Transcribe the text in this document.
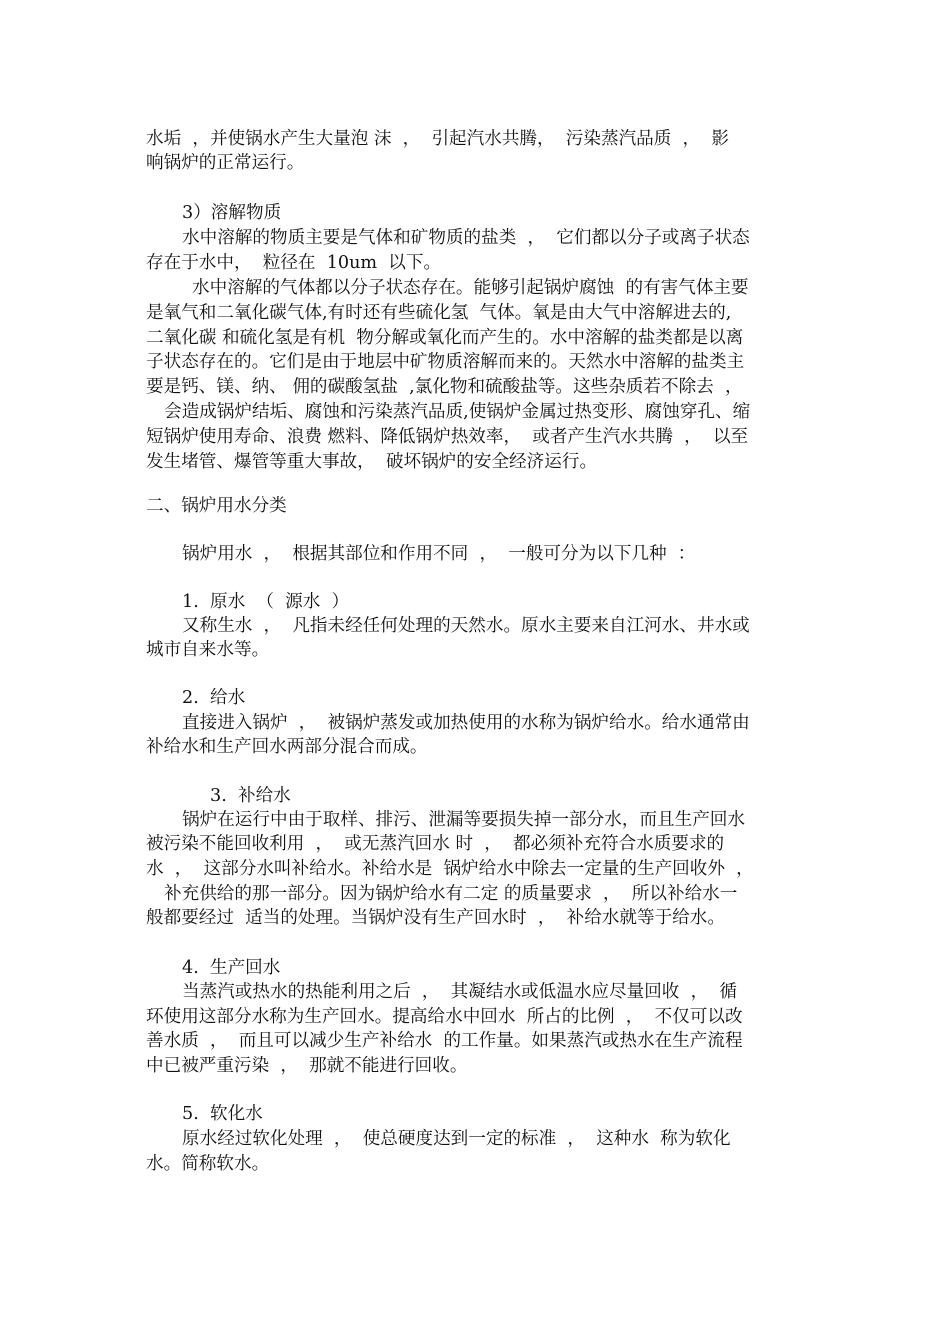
水垢  ，并使锅水产生大量泡 沫  ，  引起汽水共腾，  污染蒸汽品质  ，  影

响锅炉的正常运行。

3）溶解物质

水中溶解的物质主要是气体和矿物质的盐类  ，  它们都以分子或离子状态

存在于水中，  粒径在  10um  以下。

水中溶解的气体都以分子状态存在。能够引起锅炉腐蚀  的有害气体主要

是氧气和二氧化碳气体,有时还有些硫化氢  气体。氧是由大气中溶解进去的,

二氧化碳 和硫化氢是有机  物分解或氧化而产生的。水中溶解的盐类都是以离

子状态存在的。它们是由于地层中矿物质溶解而来的。天然水中溶解的盐类主

要是钙、镁、纳、 佣的碳酸氢盐  ,氯化物和硫酸盐等。这些杂质若不除去  ，

会造成锅炉结垢、腐蚀和污染蒸汽品质,使锅炉金属过热变形、腐蚀穿孔、缩

短锅炉使用寿命、浪费 燃料、降低锅炉热效率，  或者产生汽水共腾  ，  以至

发生堵管、爆管等重大事故，  破坏锅炉的安全经济运行。

二、锅炉用水分类

锅炉用水  ，  根据其部位和作用不同  ，  一般可分为以下几种  ：

1.  原水  （  源水  ）

又称生水  ，  凡指未经任何处理的天然水。原水主要来自江河水、井水或

城市自来水等。

2.  给水

直接进入锅炉  ，  被锅炉蒸发或加热使用的水称为锅炉给水。给水通常由

补给水和生产回水两部分混合而成。

3.  补给水

锅炉在运行中由于取样、排污、泄漏等要损失掉一部分水，而且生产回水

被污染不能回收利用  ，  或无蒸汽回水 时  ，  都必须补充符合水质要求的

水  ，  这部分水叫补给水。补给水是  锅炉给水中除去一定量的生产回收外  ，

补充供给的那一部分。因为锅炉给水有二定 的质量要求  ，  所以补给水一

般都要经过  适当的处理。当锅炉没有生产回水时  ，  补给水就等于给水。

4.  生产回水

当蒸汽或热水的热能利用之后  ，  其凝结水或低温水应尽量回收  ，  循

环使用这部分水称为生产回水。提高给水中回水  所占的比例  ，  不仅可以改

善水质  ，  而且可以减少生产补给水  的工作量。如果蒸汽或热水在生产流程

中已被严重污染  ，  那就不能进行回收。

5.  软化水

原水经过软化处理  ，  使总硬度达到一定的标准  ，  这种水  称为软化

水。简称软水。
